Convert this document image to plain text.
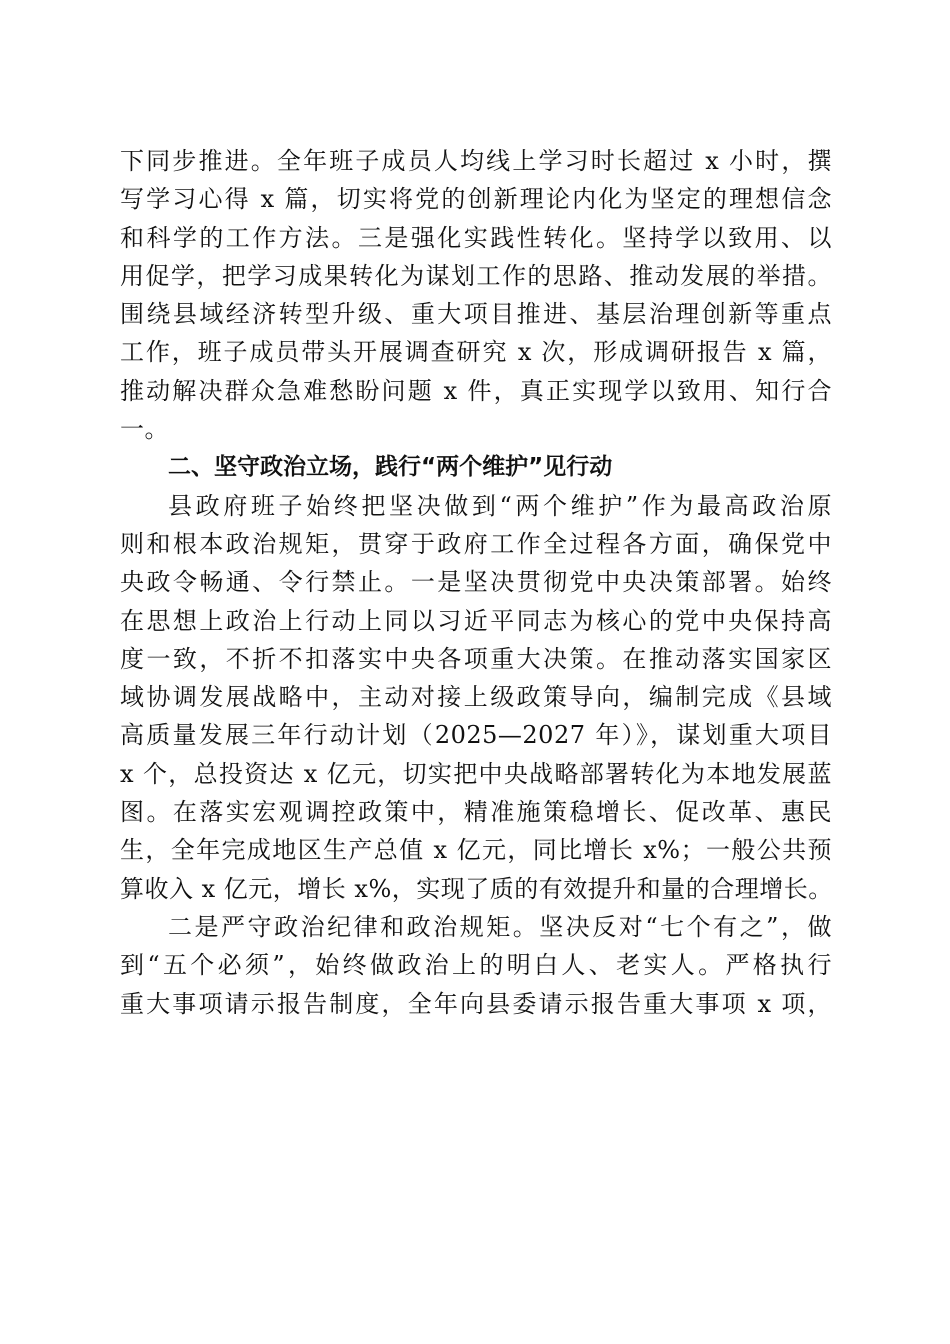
下同步推进。全年班子成员人均线上学习时长超过 x 小时，撰
写学习心得 x 篇，切实将党的创新理论内化为坚定的理想信念
和科学的工作方法。三是强化实践性转化。坚持学以致用、以
用促学，把学习成果转化为谋划工作的思路、推动发展的举措。
围绕县域经济转型升级、重大项目推进、基层治理创新等重点
工作，班子成员带头开展调查研究 x 次，形成调研报告 x 篇，
推动解决群众急难愁盼问题 x 件，真正实现学以致用、知行合
一。
二、坚守政治立场，践行“两个维护”见行动
县政府班子始终把坚决做到“两个维护”作为最高政治原
则和根本政治规矩，贯穿于政府工作全过程各方面，确保党中
央政令畅通、令行禁止。一是坚决贯彻党中央决策部署。始终
在思想上政治上行动上同以习近平同志为核心的党中央保持高
度一致，不折不扣落实中央各项重大决策。在推动落实国家区
域协调发展战略中，主动对接上级政策导向，编制完成《县域
高质量发展三年行动计划（2025—2027 年）》，谋划重大项目
x 个，总投资达 x 亿元，切实把中央战略部署转化为本地发展蓝
图。在落实宏观调控政策中，精准施策稳增长、促改革、惠民
生，全年完成地区生产总值 x 亿元，同比增长 x%；一般公共预
算收入 x 亿元，增长 x%，实现了质的有效提升和量的合理增长。
二是严守政治纪律和政治规矩。坚决反对“七个有之”，做
到“五个必须”，始终做政治上的明白人、老实人。严格执行
重大事项请示报告制度，全年向县委请示报告重大事项 x 项，
